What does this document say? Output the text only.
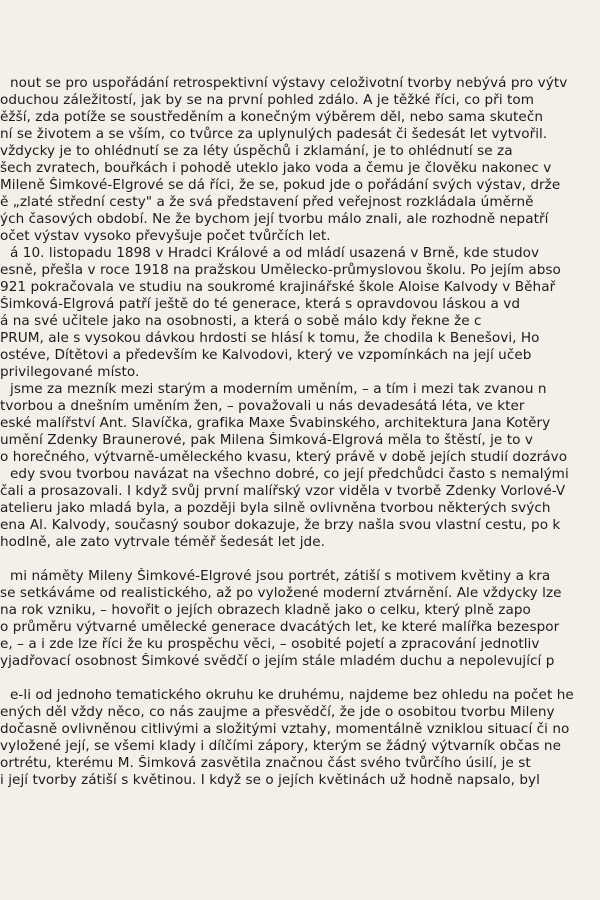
nout se pro uspořádání retrospektivní výstavy celoživotní tvorby nebývá pro výtv
oduchou záležitostí, jak by se na první pohled zdálo. A je těžké říci, co při tom
ěžší, zda potíže se soustředěním a konečným výběrem děl, nebo sama skutečn
ní se životem a se vším, co tvůrce za uplynulých padesát či šedesát let vytvořil.
vždycky je to ohlédnutí se za léty úspěchů i zklamání, je to ohlédnutí se za
šech zvratech, bouřkách i pohodě uteklo jako voda a čemu je člověku nakonec v
Mileně Šimkové-Elgrové se dá říci, že se, pokud jde o pořádání svých výstav, drže
ě „zlaté střední cesty" a že svá představení před veřejnost rozkládala úměrně
ých časových období. Ne že bychom její tvorbu málo znali, ale rozhodně nepatří
očet výstav vysoko převyšuje počet tvůrčích let.
á 10. listopadu 1898 v Hradci Králové a od mládí usazená v Brně, kde studov
esně, přešla v roce 1918 na pražskou Umělecko-průmyslovou školu. Po jejím abso
921 pokračovala ve studiu na soukromé krajinářské škole Aloise Kalvody v Běhař
Šimková-Elgrová patří ještě do té generace, která s opravdovou láskou a vd
á na své učitele jako na osobnosti, a která o sobě málo kdy řekne že c
PRUM, ale s vysokou dávkou hrdosti se hlásí k tomu, že chodila k Benešovi, Ho
ostéve, Dítětovi a především ke Kalvodovi, který ve vzpomínkách na její učeb
privilegované místo.
jsme za mezník mezi starým a moderním uměním, – a tím i mezi tak zvanou n
tvorbou a dnešním uměním žen, – považovali u nás devadesátá léta, ve kter
eské malířství Ant. Slavíčka, grafika Maxe Švabinského, architektura Jana Kotěry
umění Zdenky Braunerové, pak Milena Šimková-Elgrová měla to štěstí, je to v
o horečného, výtvarně-uměleckého kvasu, který právě v době jejích studií dozrávo
edy svou tvorbou navázat na všechno dobré, co její předchůdci často s nemalými
čali a prosazovali. I když svůj první malířský vzor viděla v tvorbě Zdenky Vorlové-V
atelieru jako mladá byla, a později byla silně ovlivněna tvorbou některých svých
ena Al. Kalvody, současný soubor dokazuje, že brzy našla svou vlastní cestu, po k
hodlně, ale zato vytrvale téměř šedesát let jde.
mi náměty Mileny Šimkové-Elgrové jsou portrét, zátiší s motivem květiny a kra
se setkáváme od realistického, až po vyložené moderní ztvárnění. Ale vždycky lze
na rok vzniku, – hovořit o jejích obrazech kladně jako o celku, který plně zapo
o průměru výtvarné umělecké generace dvacátých let, ke které malířka bezespor
e, – a i zde lze říci že ku prospěchu věci, – osobité pojetí a zpracování jednotliv
yjadřovací osobnost Šimkové svědčí o jejím stále mladém duchu a nepolevující p
e-li od jednoho tematického okruhu ke druhému, najdeme bez ohledu na počet he
ených děl vždy něco, co nás zaujme a přesvědčí, že jde o osobitou tvorbu Mileny
dočasně ovlivněnou citlivými a složitými vztahy, momentálně vzniklou situací či no
vyložené její, se všemi klady i dílčími zápory, kterým se žádný výtvarník občas ne
ortrétu, kterému M. Šimková zasvětila značnou část svého tvůrčího úsilí, je st
i její tvorby zátiší s květinou. I když se o jejích květinách už hodně napsalo, byl
